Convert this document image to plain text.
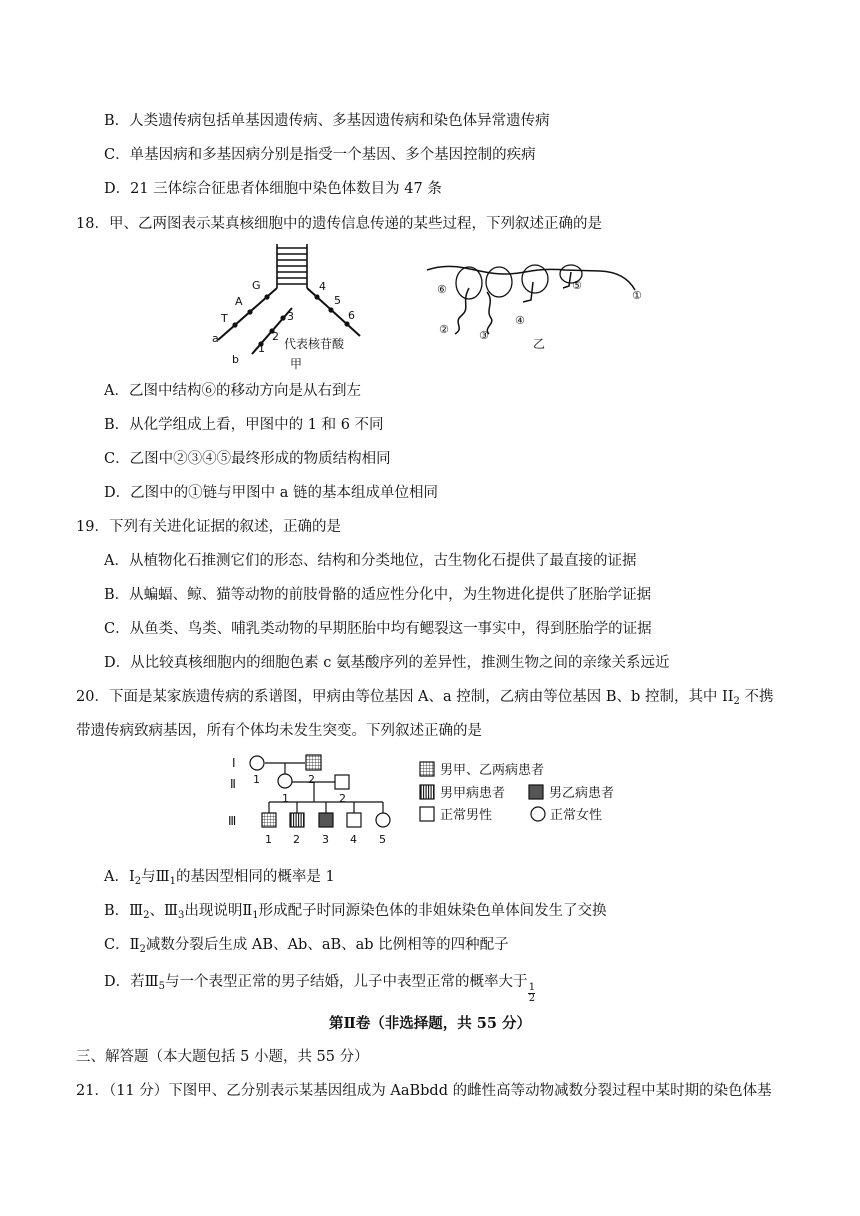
B．人类遗传病包括单基因遗传病、多基因遗传病和染色体异常遗传病
C．单基因病和多基因病分别是指受一个基因、多个基因控制的疾病
D．21 三体综合征患者体细胞中染色体数目为 47 条
18．甲、乙两图表示某真核细胞中的遗传信息传递的某些过程，下列叙述正确的是
G
A
T
a
b
1
2
3
4
5
6
代表核苷酸
甲
⑥	⑤
①
②	③
④
乙
A．乙图中结构⑥的移动方向是从右到左
B．从化学组成上看，甲图中的 1 和 6 不同
C．乙图中②③④⑤最终形成的物质结构相同
D．乙图中的①链与甲图中 a 链的基本组成单位相同
19．下列有关进化证据的叙述，正确的是
A．从植物化石推测它们的形态、结构和分类地位，古生物化石提供了最直接的证据
B．从蝙蝠、鲸、猫等动物的前肢骨骼的适应性分化中，为生物进化提供了胚胎学证据
C．从鱼类、鸟类、哺乳类动物的早期胚胎中均有鳃裂这一事实中，得到胚胎学的证据
D．从比较真核细胞内的细胞色素 c 氨基酸序列的差异性，推测生物之间的亲缘关系远近
20．下面是某家族遗传病的系谱图，甲病由等位基因 A、a 控制，乙病由等位基因 B、b 控制，其中 $II_2$ 不携
带遗传病致病基因，所有个体均未发生突变。下列叙述正确的是
I
Ⅱ
Ⅲ
1	2
1	2
1 2 3 4 5
男甲、乙两病患者
男甲病患者	男乙病患者
正常男性	正常女性
A．$I_2$与$Ⅲ_1$的基因型相同的概率是 1
B．$Ⅲ_2$、$Ⅲ_3$出现说明$Ⅱ_1$形成配子时同源染色体的非姐妹染色单体间发生了交换
C．$Ⅱ_2$减数分裂后生成 AB、Ab、aB、ab 比例相等的四种配子
D．若$Ⅲ_5$与一个表型正常的男子结婚，儿子中表型正常的概率大于
$\frac{1}{2}$
第Ⅱ卷（非选择题，共 55 分）
三、解答题（本大题包括 5 小题，共 55 分）
21．（11 分）下图甲、乙分别表示某基因组成为 AaBbdd 的雌性高等动物减数分裂过程中某时期的染色体基
